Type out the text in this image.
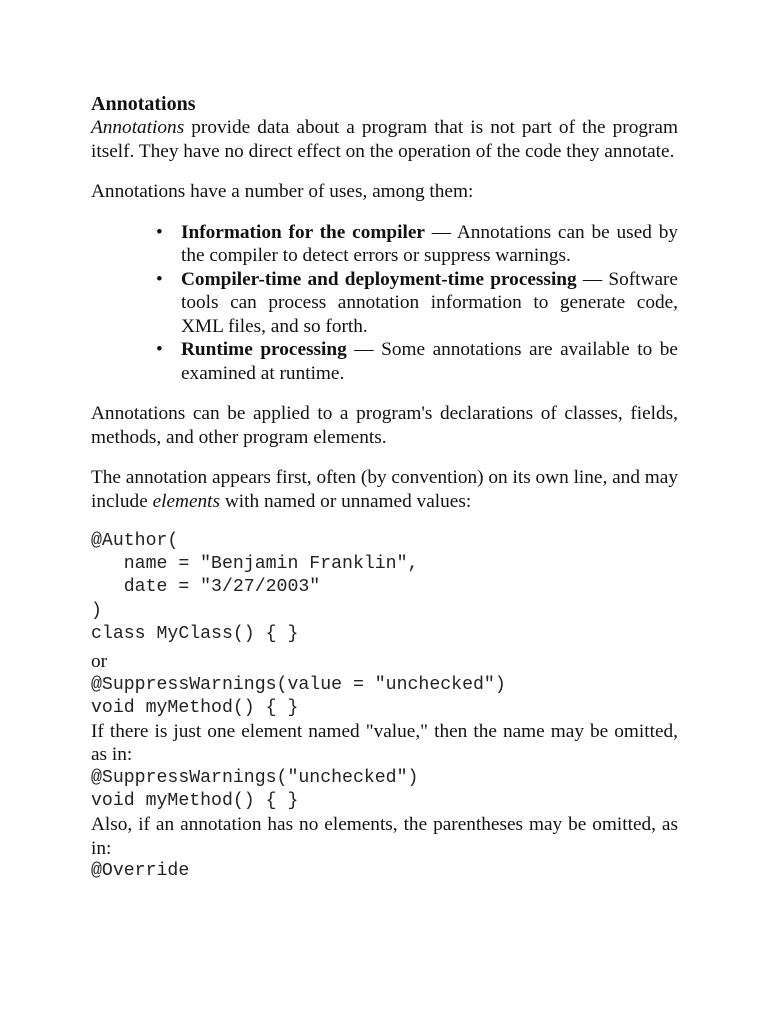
Annotations

Annotations provide data about a program that is not part of the program itself. They have no direct effect on the operation of the code they annotate.

Annotations have a number of uses, among them:

• Information for the compiler — Annotations can be used by the compiler to detect errors or suppress warnings.
• Compiler-time and deployment-time processing — Software tools can process annotation information to generate code, XML files, and so forth.
• Runtime processing — Some annotations are available to be examined at runtime.

Annotations can be applied to a program's declarations of classes, fields, methods, and other program elements.

The annotation appears first, often (by convention) on its own line, and may include elements with named or unnamed values:

@Author(
name = "Benjamin Franklin",
date = "3/27/2003"
)
class MyClass() { }

or

@SuppressWarnings(value = "unchecked")
void myMethod() { }

If there is just one element named "value," then the name may be omitted, as in:

@SuppressWarnings("unchecked")
void myMethod() { }

Also, if an annotation has no elements, the parentheses may be omitted, as in:

@Override
